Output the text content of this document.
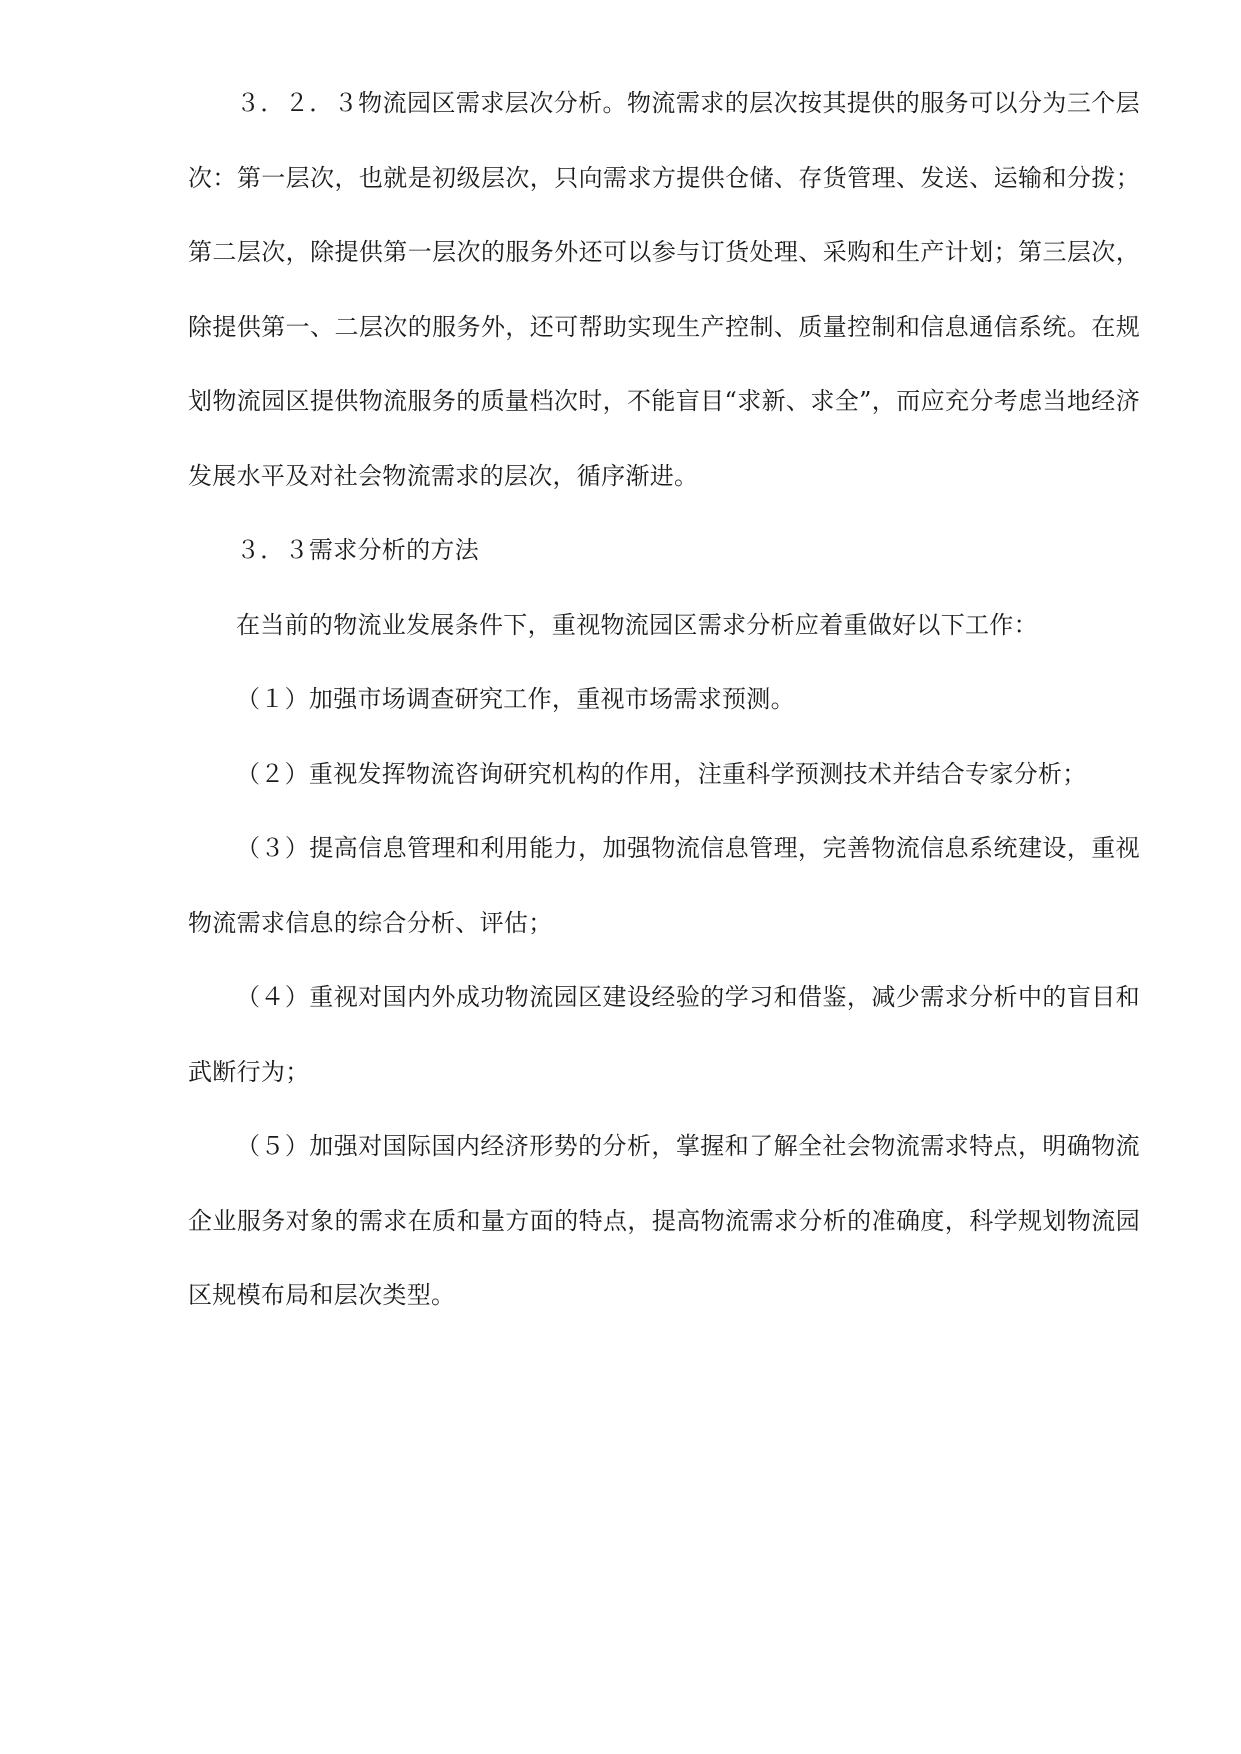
３．２．３物流园区需求层次分析。物流需求的层次按其提供的服务可以分为三个层次：第一层次，也就是初级层次，只向需求方提供仓储、存货管理、发送、运输和分拨；第二层次，除提供第一层次的服务外还可以参与订货处理、采购和生产计划；第三层次，除提供第一、二层次的服务外，还可帮助实现生产控制、质量控制和信息通信系统。在规划物流园区提供物流服务的质量档次时，不能盲目“求新、求全”，而应充分考虑当地经济发展水平及对社会物流需求的层次，循序渐进。

３．３需求分析的方法

在当前的物流业发展条件下，重视物流园区需求分析应着重做好以下工作：

（１）加强市场调查研究工作，重视市场需求预测。

（２）重视发挥物流咨询研究机构的作用，注重科学预测技术并结合专家分析；

（３）提高信息管理和利用能力，加强物流信息管理，完善物流信息系统建设，重视物流需求信息的综合分析、评估；

（４）重视对国内外成功物流园区建设经验的学习和借鉴，减少需求分析中的盲目和武断行为；

（５）加强对国际国内经济形势的分析，掌握和了解全社会物流需求特点，明确物流企业服务对象的需求在质和量方面的特点，提高物流需求分析的准确度，科学规划物流园区规模布局和层次类型。
